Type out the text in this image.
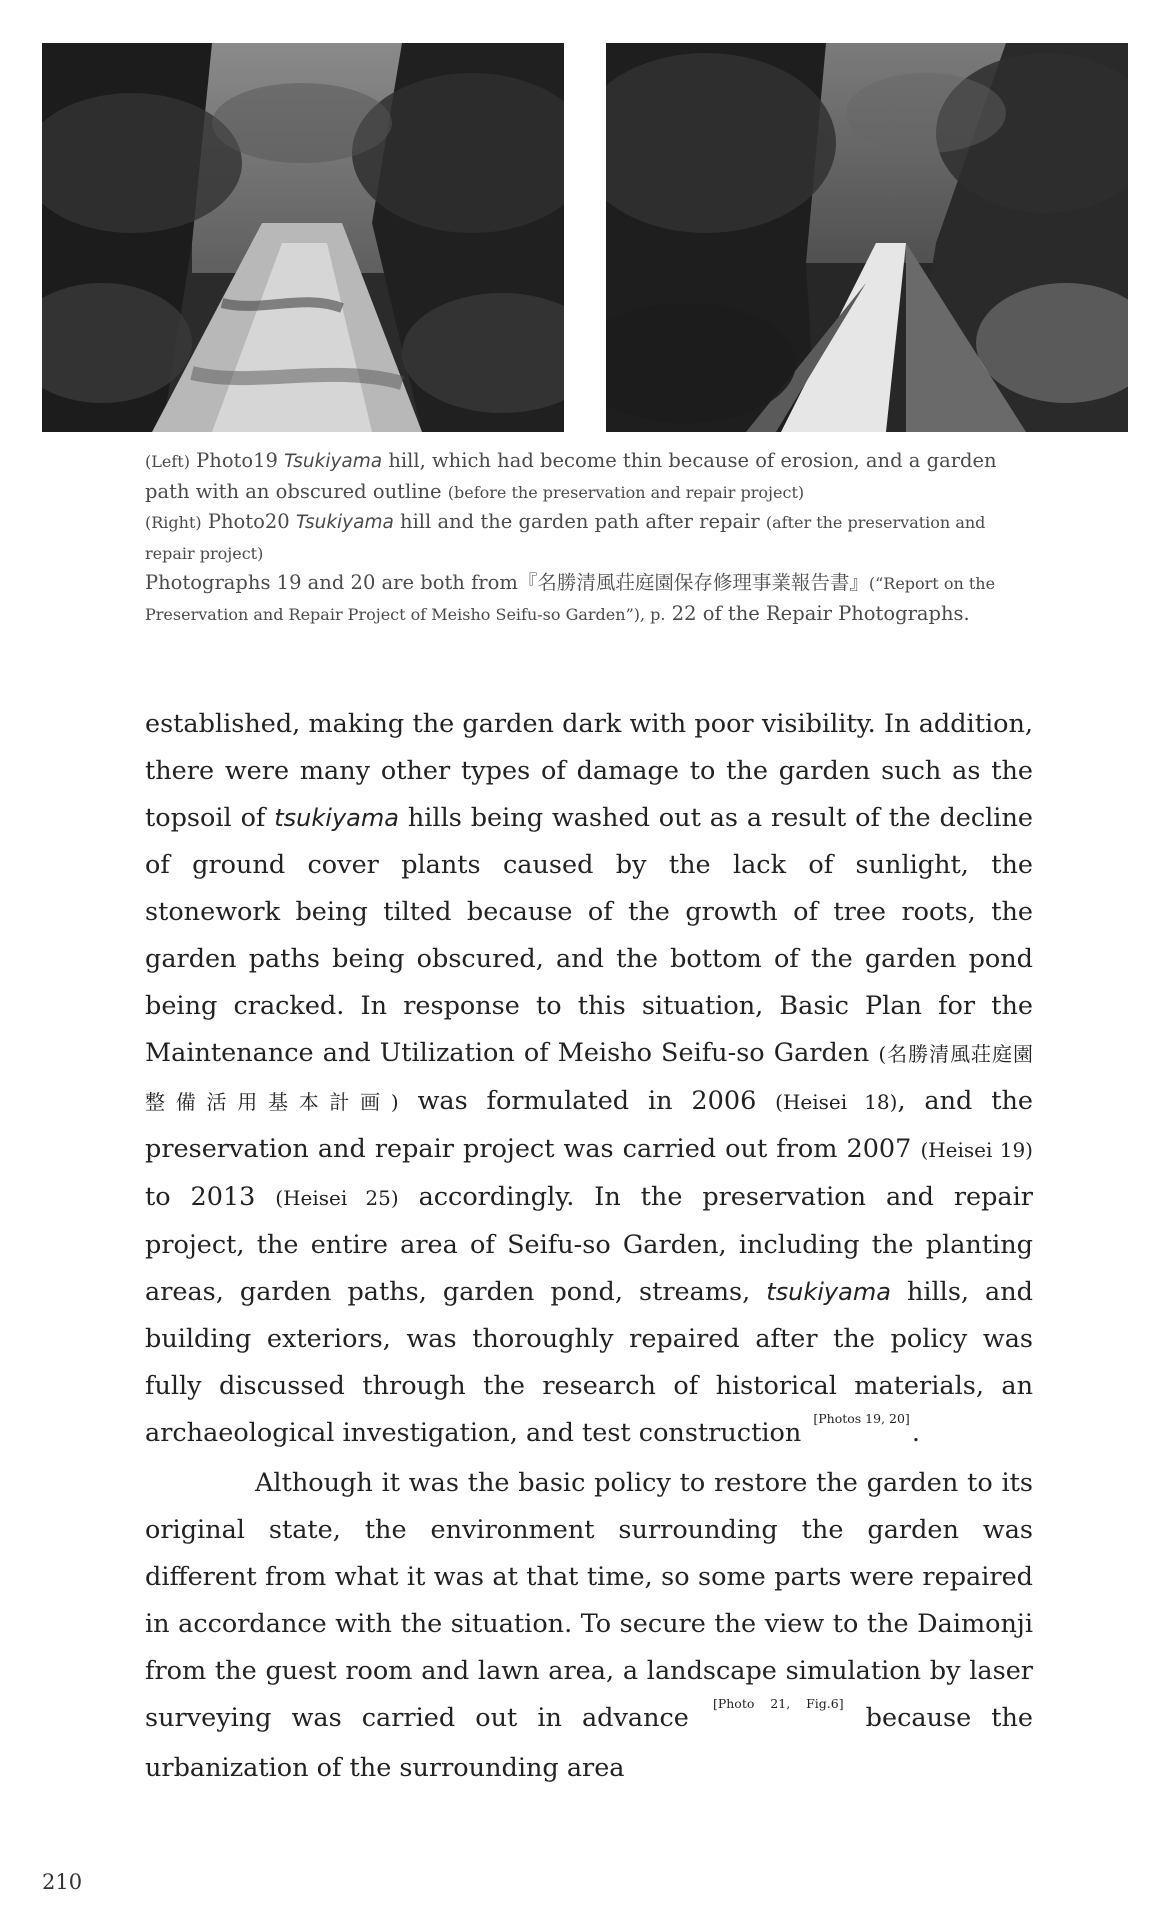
(Left) Photo19 Tsukiyama hill, which had become thin because of erosion, and a garden path with an obscured outline (before the preservation and repair project)

(Right) Photo20 Tsukiyama hill and the garden path after repair (after the preservation and repair project)

Photographs 19 and 20 are both from『名勝清風荘庭園保存修理事業報告書』(“Report on the Preservation and Repair Project of Meisho Seifu-so Garden”), p. 22 of the Repair Photographs.

established, making the garden dark with poor visibility. In addition, there were many other types of damage to the garden such as the topsoil of tsukiyama hills being washed out as a result of the decline of ground cover plants caused by the lack of sunlight, the stonework being tilted because of the growth of tree roots, the garden paths being obscured, and the bottom of the garden pond being cracked. In response to this situation, Basic Plan for the Maintenance and Utilization of Meisho Seifu-so Garden (名勝清風荘庭園整備活用基本計画) was formulated in 2006 (Heisei 18), and the preservation and repair project was carried out from 2007 (Heisei 19) to 2013 (Heisei 25) accordingly. In the preservation and repair project, the entire area of Seifu-so Garden, including the planting areas, garden paths, garden pond, streams, tsukiyama hills, and building exteriors, was thoroughly repaired after the policy was fully discussed through the research of historical materials, an archaeological investigation, and test construction [Photos 19, 20].

Although it was the basic policy to restore the garden to its original state, the environment surrounding the garden was different from what it was at that time, so some parts were repaired in accordance with the situation. To secure the view to the Daimonji from the guest room and lawn area, a landscape simulation by laser surveying was carried out in advance [Photo 21, Fig.6] because the urbanization of the surrounding area

210
